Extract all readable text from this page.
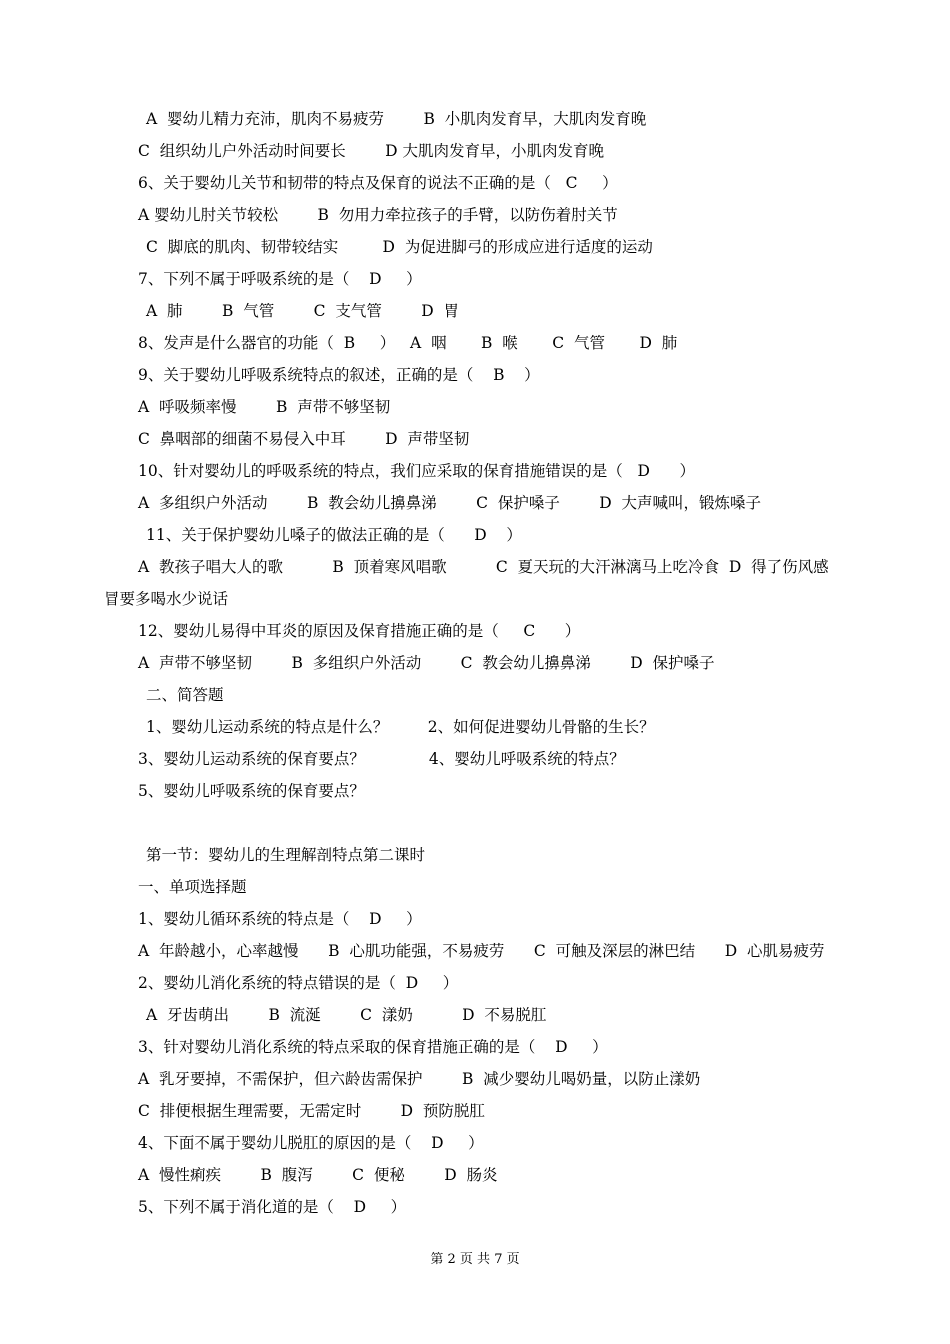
A  婴幼儿精力充沛，肌肉不易疲劳        B  小肌肉发育早，大肌肉发育晚
C  组织幼儿户外活动时间要长        D 大肌肉发育早，小肌肉发育晚
6、关于婴幼儿关节和韧带的特点及保育的说法不正确的是（   C     ）
A 婴幼儿肘关节较松        B  勿用力牵拉孩子的手臂，以防伤着肘关节
C  脚底的肌肉、韧带较结实         D  为促进脚弓的形成应进行适度的运动
7、下列不属于呼吸系统的是（    D     ）
A  肺        B  气管        C  支气管        D  胃
8、发声是什么器官的功能（  B     ）   A  咽       B  喉       C  气管       D  肺
9、关于婴幼儿呼吸系统特点的叙述，正确的是（    B    ）
A  呼吸频率慢        B  声带不够坚韧
C  鼻咽部的细菌不易侵入中耳        D  声带坚韧
10、针对婴幼儿的呼吸系统的特点，我们应采取的保育措施错误的是（   D      ）
A  多组织户外活动        B  教会幼儿擤鼻涕        C  保护嗓子        D  大声喊叫，锻炼嗓子
11、关于保护婴幼儿嗓子的做法正确的是（      D    ）
A  教孩子唱大人的歌          B  顶着寒风唱歌          C  夏天玩的大汗淋漓马上吃冷食  D  得了伤风感
冒要多喝水少说话
12、婴幼儿易得中耳炎的原因及保育措施正确的是（     C      ）
A  声带不够坚韧        B  多组织户外活动        C  教会幼儿擤鼻涕        D  保护嗓子
二、简答题
1、婴幼儿运动系统的特点是什么？        2、如何促进婴幼儿骨骼的生长？
3、婴幼儿运动系统的保育要点？             4、婴幼儿呼吸系统的特点？
5、婴幼儿呼吸系统的保育要点？
第一节：婴幼儿的生理解剖特点第二课时
一、单项选择题
1、婴幼儿循环系统的特点是（    D     ）
A  年龄越小，心率越慢      B  心肌功能强，不易疲劳      C  可触及深层的淋巴结      D  心肌易疲劳
2、婴幼儿消化系统的特点错误的是（  D     ）
A  牙齿萌出        B  流涎        C  漾奶          D  不易脱肛
3、针对婴幼儿消化系统的特点采取的保育措施正确的是（    D     ）
A  乳牙要掉，不需保护，但六龄齿需保护        B  减少婴幼儿喝奶量，以防止漾奶
C  排便根据生理需要，无需定时        D  预防脱肛
4、下面不属于婴幼儿脱肛的原因的是（    D     ）
A  慢性痢疾        B  腹泻        C  便秘        D  肠炎
5、下列不属于消化道的是（    D     ）
第 2 页 共 7 页
